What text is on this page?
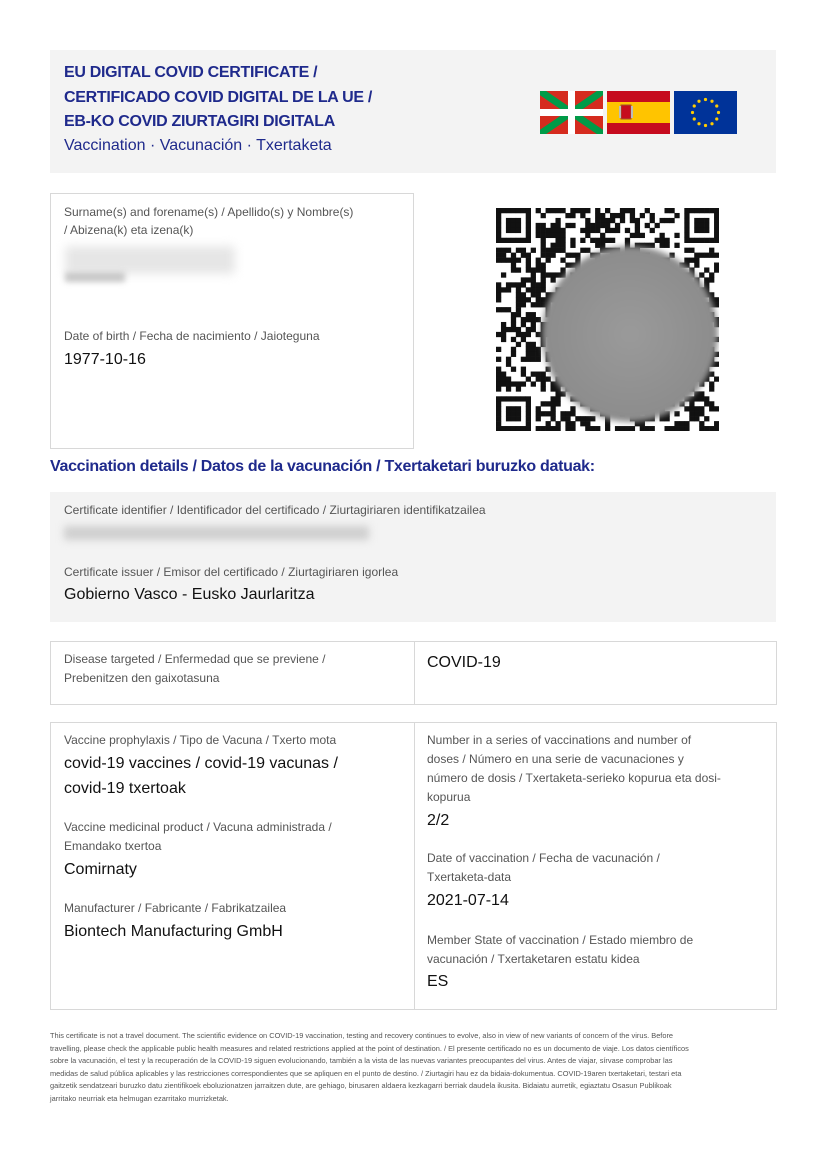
EU DIGITAL COVID CERTIFICATE /
CERTIFICADO COVID DIGITAL DE LA UE /
EB-KO COVID ZIURTAGIRI DIGITALA
Vaccination · Vacunación · Txertaketa
Surname(s) and forename(s) / Apellido(s) y Nombre(s)
/ Abizena(k) eta izena(k)
Date of birth / Fecha de nacimiento / Jaioteguna
1977-10-16
Vaccination details / Datos de la vacunación / Txertaketari buruzko datuak:
Certificate identifier / Identificador del certificado / Ziurtagiriaren identifikatzailea
Certificate issuer / Emisor del certificado / Ziurtagiriaren igorlea
Gobierno Vasco - Eusko Jaurlaritza
Disease targeted / Enfermedad que se previene /
Prebenitzen den gaixotasuna
COVID-19
Vaccine prophylaxis / Tipo de Vacuna / Txerto mota
covid-19 vaccines / covid-19 vacunas /
covid-19 txertoak
Vaccine medicinal product / Vacuna administrada /
Emandako txertoa
Comirnaty
Manufacturer / Fabricante / Fabrikatzailea
Biontech Manufacturing GmbH
Number in a series of vaccinations and number of
doses / Número en una serie de vacunaciones y
número de dosis / Txertaketa-serieko kopurua eta dosi-
kopurua
2/2
Date of vaccination / Fecha de vacunación /
Txertaketa-data
2021-07-14
Member State of vaccination / Estado miembro de
vacunación / Txertaketaren estatu kidea
ES
This certificate is not a travel document. The scientific evidence on COVID-19 vaccination, testing and recovery continues to evolve, also in view of new variants of concern of the virus. Before
travelling, please check the applicable public health measures and related restrictions applied at the point of destination. / El presente certificado no es un documento de viaje. Los datos científicos
sobre la vacunación, el test y la recuperación de la COVID-19 siguen evolucionando, también a la vista de las nuevas variantes preocupantes del virus. Antes de viajar, sírvase comprobar las
medidas de salud pública aplicables y las restricciones correspondientes que se apliquen en el punto de destino. / Ziurtagiri hau ez da bidaia-dokumentua. COVID-19aren txertaketari, testari eta
gaitzetik sendatzeari buruzko datu zientifikoek eboluzionatzen jarraitzen dute, are gehiago, birusaren aldaera kezkagarri berriak daudela ikusita. Bidaiatu aurretik, egiaztatu Osasun Publikoak
jarritako neurriak eta helmugan ezarritako murrizketak.
